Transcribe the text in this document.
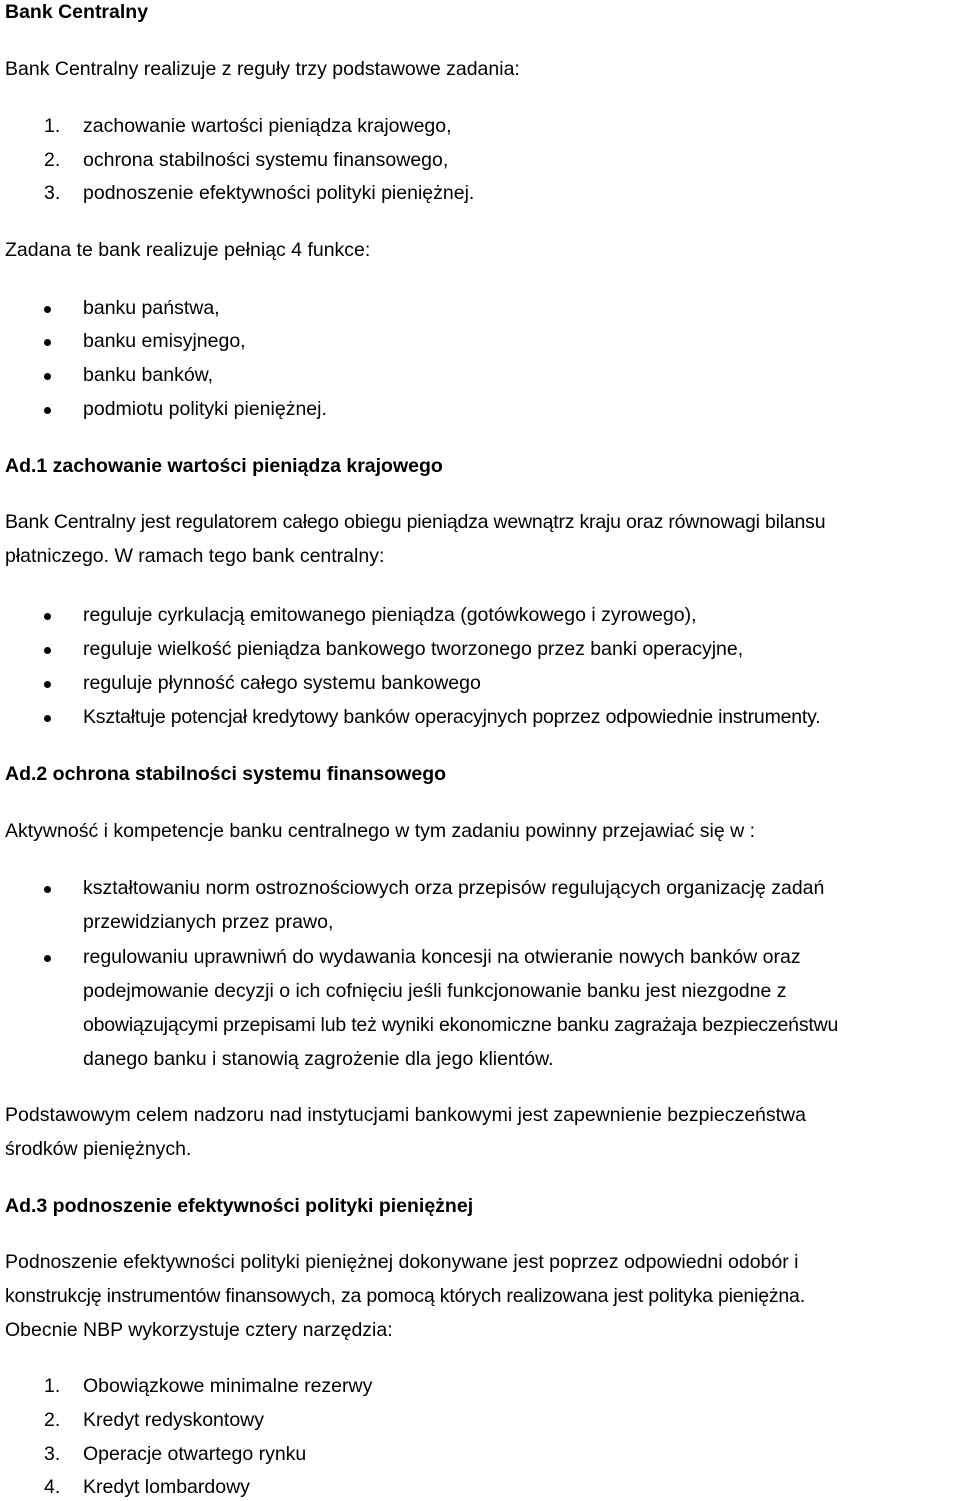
Bank Centralny
Bank Centralny realizuje z reguły trzy podstawowe zadania:
1. zachowanie wartości pieniądza krajowego,
2. ochrona stabilności systemu finansowego,
3. podnoszenie efektywności polityki pieniężnej.
Zadana te bank realizuje pełniąc 4 funkce:
banku państwa,
banku emisyjnego,
banku banków,
podmiotu polityki pieniężnej.
Ad.1 zachowanie wartości pieniądza krajowego
Bank Centralny jest regulatorem całego obiegu pieniądza wewnątrz kraju oraz równowagi bilansu
płatniczego. W ramach tego bank centralny:
reguluje cyrkulacją emitowanego pieniądza (gotówkowego i zyrowego),
reguluje wielkość pieniądza bankowego tworzonego przez banki operacyjne,
reguluje płynność całego systemu bankowego
Kształtuje potencjał kredytowy banków operacyjnych poprzez odpowiednie instrumenty.
Ad.2 ochrona stabilności systemu finansowego
Aktywność i kompetencje banku centralnego w tym zadaniu powinny przejawiać się w :
kształtowaniu norm ostroznościowych orza przepisów regulujących organizację zadań
przewidzianych przez prawo,
regulowaniu uprawniwń do wydawania koncesji na otwieranie nowych banków oraz
podejmowanie decyzji o ich cofnięciu jeśli funkcjonowanie banku jest niezgodne z
obowiązującymi przepisami lub też wyniki ekonomiczne banku zagrażaja bezpieczeństwu
danego banku i stanowią zagrożenie dla jego klientów.
Podstawowym celem nadzoru nad instytucjami bankowymi jest zapewnienie bezpieczeństwa
środków pieniężnych.
Ad.3 podnoszenie efektywności polityki pieniężnej
Podnoszenie efektywności polityki pieniężnej dokonywane jest poprzez odpowiedni odobór i
konstrukcję instrumentów finansowych, za pomocą których realizowana jest polityka pieniężna.
Obecnie NBP wykorzystuje cztery narzędzia:
1. Obowiązkowe minimalne rezerwy
2. Kredyt redyskontowy
3. Operacje otwartego rynku
4. Kredyt lombardowy
